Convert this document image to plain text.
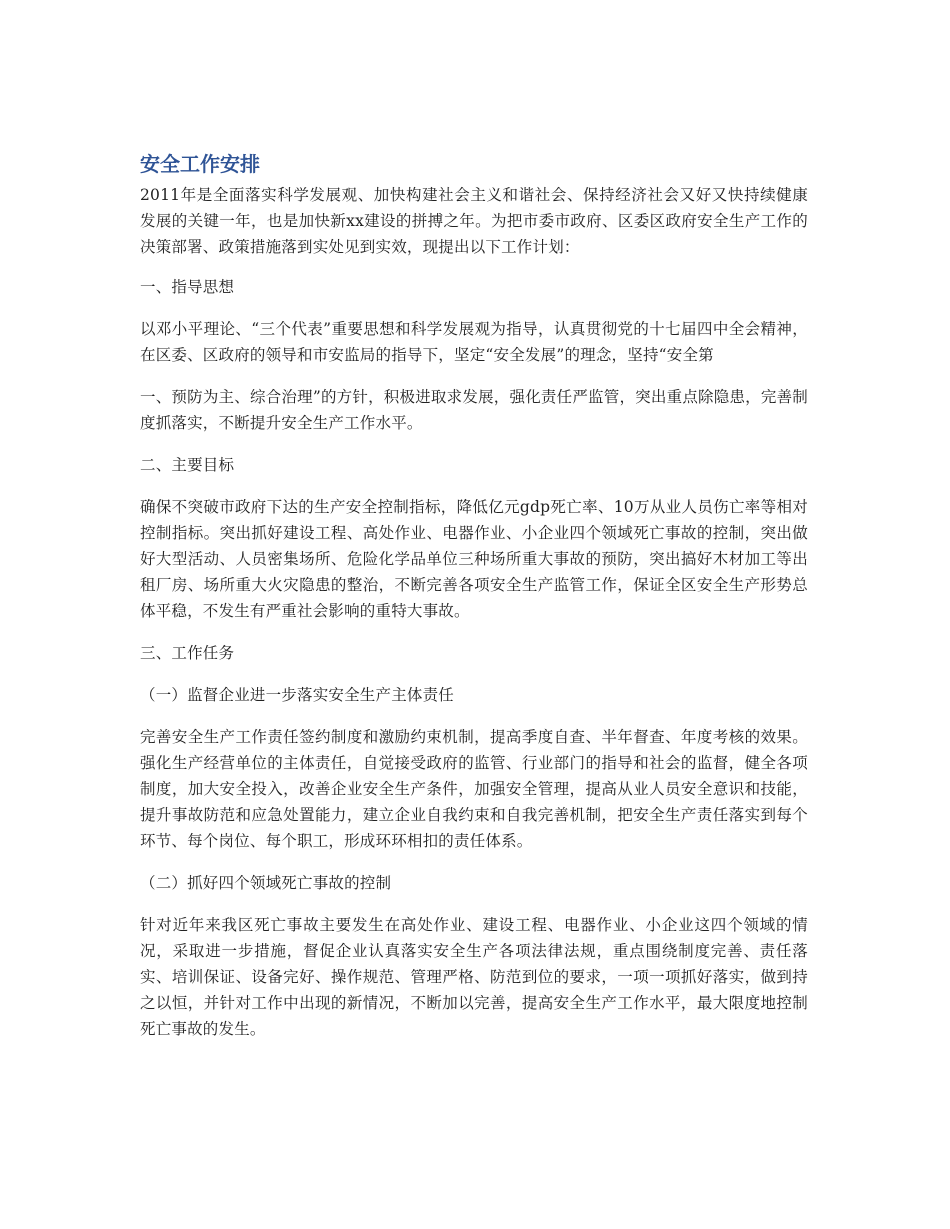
安全工作安排

2011年是全面落实科学发展观、加快构建社会主义和谐社会、保持经济社会又好又快持续健康发展的关键一年，也是加快新xx建设的拼搏之年。为把市委市政府、区委区政府安全生产工作的决策部署、政策措施落到实处见到实效，现提出以下工作计划：

一、指导思想

以邓小平理论、“三个代表”重要思想和科学发展观为指导，认真贯彻党的十七届四中全会精神，在区委、区政府的领导和市安监局的指导下，坚定“安全发展”的理念，坚持“安全第

一、预防为主、综合治理”的方针，积极进取求发展，强化责任严监管，突出重点除隐患，完善制度抓落实，不断提升安全生产工作水平。

二、主要目标

确保不突破市政府下达的生产安全控制指标，降低亿元gdp死亡率、10万从业人员伤亡率等相对控制指标。突出抓好建设工程、高处作业、电器作业、小企业四个领域死亡事故的控制，突出做好大型活动、人员密集场所、危险化学品单位三种场所重大事故的预防，突出搞好木材加工等出租厂房、场所重大火灾隐患的整治，不断完善各项安全生产监管工作，保证全区安全生产形势总体平稳，不发生有严重社会影响的重特大事故。

三、工作任务

（一）监督企业进一步落实安全生产主体责任

完善安全生产工作责任签约制度和激励约束机制，提高季度自查、半年督查、年度考核的效果。强化生产经营单位的主体责任，自觉接受政府的监管、行业部门的指导和社会的监督，健全各项制度，加大安全投入，改善企业安全生产条件，加强安全管理，提高从业人员安全意识和技能，提升事故防范和应急处置能力，建立企业自我约束和自我完善机制，把安全生产责任落实到每个环节、每个岗位、每个职工，形成环环相扣的责任体系。

（二）抓好四个领域死亡事故的控制

针对近年来我区死亡事故主要发生在高处作业、建设工程、电器作业、小企业这四个领域的情况，采取进一步措施，督促企业认真落实安全生产各项法律法规，重点围绕制度完善、责任落实、培训保证、设备完好、操作规范、管理严格、防范到位的要求，一项一项抓好落实，做到持之以恒，并针对工作中出现的新情况，不断加以完善，提高安全生产工作水平，最大限度地控制死亡事故的发生。
